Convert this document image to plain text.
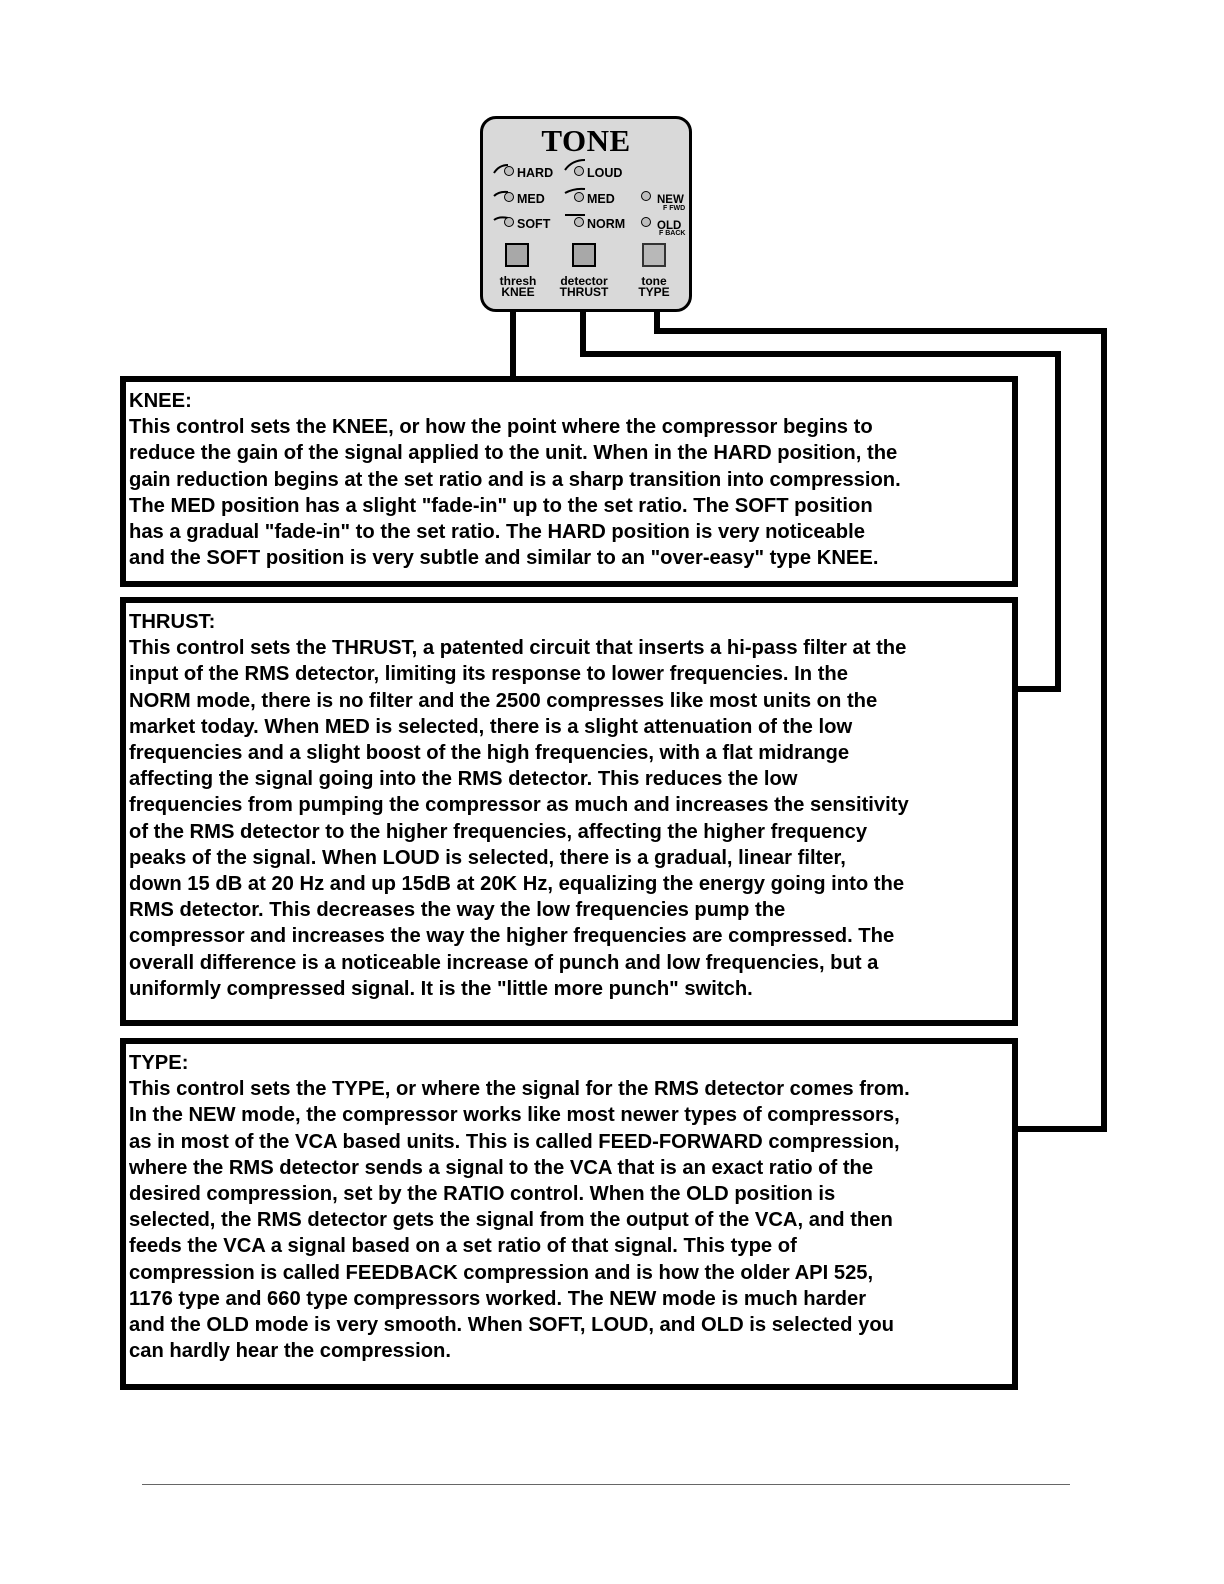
TONE
HARD
MED
SOFT
LOUD
MED
NORM
NEW
F FWD
OLD
F BACK
thresh
KNEE
detector
THRUST
tone
TYPE

KNEE:

This control sets the KNEE, or how the point where the compressor begins to

reduce the gain of the signal applied to the unit. When in the HARD position, the

gain reduction begins at the set ratio and is a sharp transition into compression.

The MED position has a slight "fade-in" up to the set ratio. The SOFT position

has a gradual "fade-in" to the set ratio. The HARD position is very noticeable

and the SOFT position is very subtle and similar to an "over-easy" type KNEE.

THRUST:

This control sets the THRUST, a patented circuit that inserts a hi-pass filter at the

input of the RMS detector, limiting its response to lower frequencies. In the

NORM mode, there is no filter and the 2500 compresses like most units on the

market today. When MED is selected, there is a slight attenuation of the low

frequencies and a slight boost of the high frequencies, with a flat midrange

affecting the signal going into the RMS detector. This reduces the low

frequencies from pumping the compressor as much and increases the sensitivity

of the RMS detector to the higher frequencies, affecting the higher frequency

peaks of the signal. When LOUD is selected, there is a gradual, linear filter,

down 15 dB at 20 Hz and up 15dB at 20K Hz, equalizing the energy going into the

RMS detector. This decreases the way the low frequencies pump the

compressor and increases the way the higher frequencies are compressed. The

overall difference is a noticeable increase of punch and low frequencies, but a

uniformly compressed signal. It is the "little more punch" switch.

TYPE:

This control sets the TYPE, or where the signal for the RMS detector comes from.

In the NEW mode, the compressor works like most newer types of compressors,

as in most of the VCA based units. This is called FEED-FORWARD compression,

where the RMS detector sends a signal to the VCA that is an exact ratio of the

desired compression, set by the RATIO control. When the OLD position is

selected, the RMS detector gets the signal from the output of the VCA, and then

feeds the VCA a signal based on a set ratio of that signal. This type of

compression is called FEEDBACK compression and is how the older API 525,

1176 type and 660 type compressors worked. The NEW mode is much harder

and the OLD mode is very smooth. When SOFT, LOUD, and OLD is selected you

can hardly hear the compression.
